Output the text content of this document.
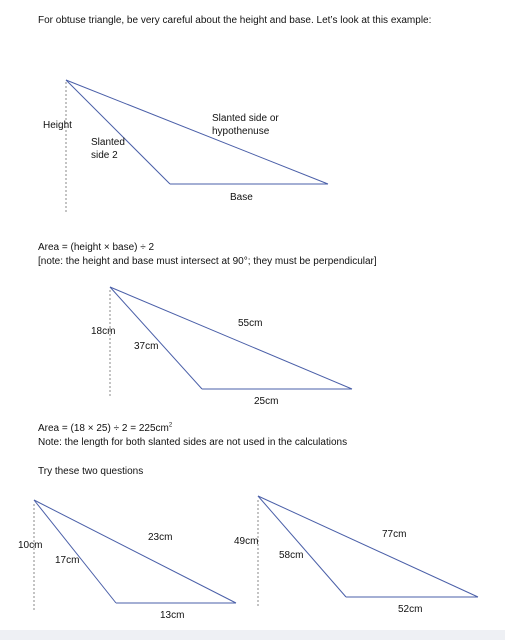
For obtuse triangle, be very careful about the height and base. Let’s look at this example:
Height
Slanted side or
hypothenuse
Slanted
side 2
Base
Area = (height × base) ÷ 2
[note: the height and base must intersect at 90°; they must be perpendicular]
18cm
55cm
37cm
25cm
Area = $(18 \times 25) \div 2 = 225cm^2$
Note: the length for both slanted sides are not used in the calculations
Try these two questions
10cm
23cm
17cm
13cm
49cm
77cm
58cm
52cm
